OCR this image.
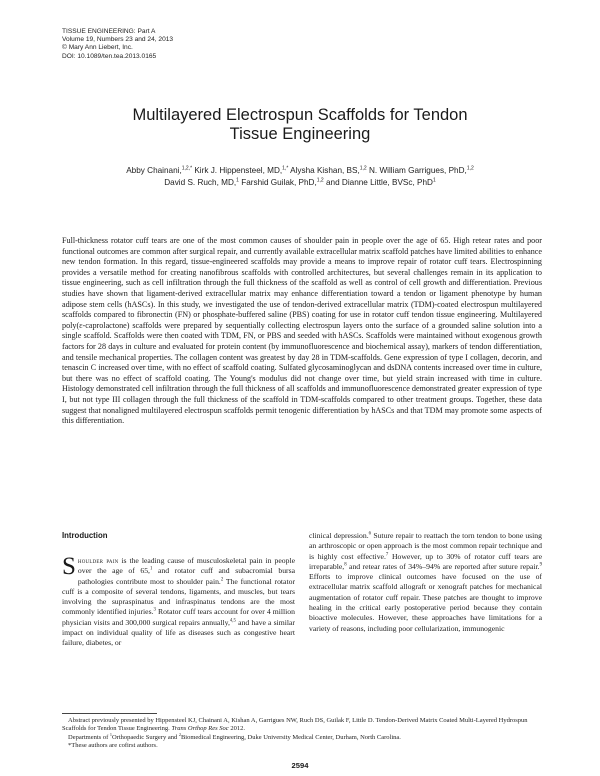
TISSUE ENGINEERING: Part A
Volume 19, Numbers 23 and 24, 2013
© Mary Ann Liebert, Inc.
DOI: 10.1089/ten.tea.2013.0165
Multilayered Electrospun Scaffolds for Tendon
Tissue Engineering
Abby Chainani,$^{1,2,*}$ Kirk J. Hippensteel, MD,$^{1,*}$ Alysha Kishan, BS,$^{1,2}$ N. William Garrigues, PhD,$^{1,2}$
David S. Ruch, MD,$^1$ Farshid Guilak, PhD,$^{1,2}$ and Dianne Little, BVSc, PhD$^1$

Full-thickness rotator cuff tears are one of the most common causes of shoulder pain in people over the age of 65. High retear rates and poor functional outcomes are common after surgical repair, and currently available extracellular matrix scaffold patches have limited abilities to enhance new tendon formation. In this regard, tissue-engineered scaffolds may provide a means to improve repair of rotator cuff tears. Electrospinning provides a versatile method for creating nanofibrous scaffolds with controlled architectures, but several challenges remain in its application to tissue engineering, such as cell infiltration through the full thickness of the scaffold as well as control of cell growth and differentiation. Previous studies have shown that ligament-derived extracellular matrix may enhance differentiation toward a tendon or ligament phenotype by human adipose stem cells (hASCs). In this study, we investigated the use of tendon-derived extracellular matrix (TDM)-coated electrospun multilayered scaffolds compared to fibronectin (FN) or phosphate-buffered saline (PBS) coating for use in rotator cuff tendon tissue engineering. Multilayered poly(ε-caprolactone) scaffolds were prepared by sequentially collecting electrospun layers onto the surface of a grounded saline solution into a single scaffold. Scaffolds were then coated with TDM, FN, or PBS and seeded with hASCs. Scaffolds were maintained without exogenous growth factors for 28 days in culture and evaluated for protein content (by immunofluorescence and biochemical assay), markers of tendon differentiation, and tensile mechanical properties. The collagen content was greatest by day 28 in TDM-scaffolds. Gene expression of type I collagen, decorin, and tenascin C increased over time, with no effect of scaffold coating. Sulfated glycosaminoglycan and dsDNA contents increased over time in culture, but there was no effect of scaffold coating. The Young's modulus did not change over time, but yield strain increased with time in culture. Histology demonstrated cell infiltration through the full thickness of all scaffolds and immunofluorescence demonstrated greater expression of type I, but not type III collagen through the full thickness of the scaffold in TDM-scaffolds compared to other treatment groups. Together, these data suggest that nonaligned multilayered electrospun scaffolds permit tenogenic differentiation by hASCs and that TDM may promote some aspects of this differentiation.

Introduction
Shoulder pain is the leading cause of musculoskeletal pain in people over the age of 65,$^1$ and rotator cuff and subacromial bursa pathologies contribute most to shoulder pain.$^2$ The functional rotator cuff is a composite of several tendons, ligaments, and muscles, but tears involving the supraspinatus and infraspinatus tendons are the most commonly identified injuries.$^3$ Rotator cuff tears account for over 4 million physician visits and 300,000 surgical repairs annually,$^{4,5}$ and have a similar impact on individual quality of life as diseases such as congestive heart failure, diabetes, or
clinical depression.$^6$ Suture repair to reattach the torn tendon to bone using an arthroscopic or open approach is the most common repair technique and is highly cost effective.$^7$ However, up to 30% of rotator cuff tears are irreparable,$^8$ and retear rates of 34%–94% are reported after suture repair.$^9$ Efforts to improve clinical outcomes have focused on the use of extracellular matrix scaffold allograft or xenograft patches for mechanical augmentation of rotator cuff repair. These patches are thought to improve healing in the critical early postoperative period because they contain bioactive molecules. However, these approaches have limitations for a variety of reasons, including poor cellularization, immunogenic

Abstract previously presented by Hippensteel KJ, Chainani A, Kishan A, Garrigues NW, Ruch DS, Guilak F, Little D. Tendon-Derived Matrix Coated Multi-Layered Hydrospun Scaffolds for Tendon Tissue Engineering. Trans Orthop Res Soc 2012.

Departments of $^1$Orthopaedic Surgery and $^2$Biomedical Engineering, Duke University Medical Center, Durham, North Carolina.

*These authors are cofirst authors.

2594
